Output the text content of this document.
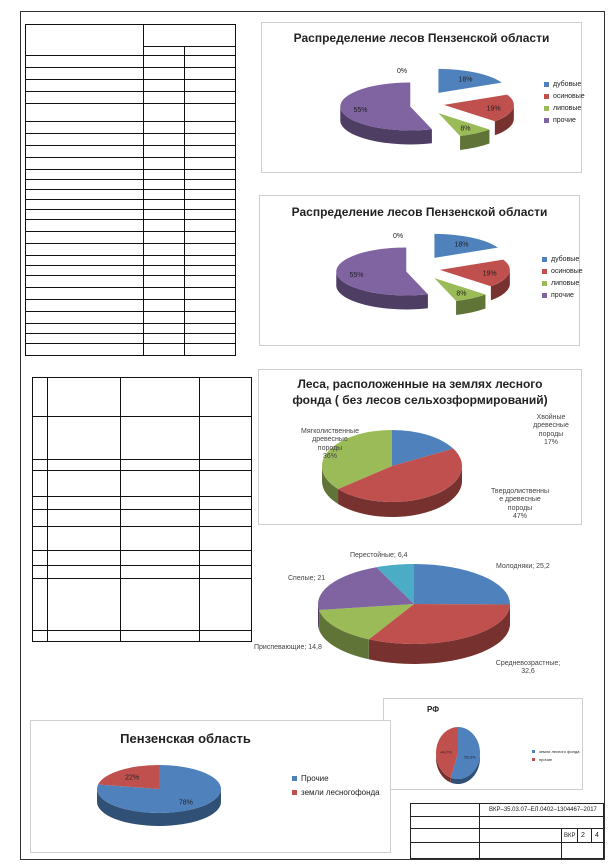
Распределение лесов Пензенской области
18%
19%
8%
55%
0%
дубовые
осиновые
липовые
прочие
Распределение лесов Пензенской области
18%
19%
8%
55%
0%
дубовые
осиновые
липовые
прочие
Леса, расположенные на землях лесного
фонда ( без лесов сельхозформирований)
Хвойные
древесные
породы
17%
Твердолиственны
е древесные
породы
47%
Мягколиственные
древесные
породы
36%
Молодняки; 25,2
Средневозрастные;
32,6
Приспевающие; 14,8
Спелые; 21
Перестойные; 6,4
РФ
55,3%
44,7%	земли лесного фонда
прочие
Пензенская область
78%
22%	Прочие
земли лесногофонда
ВКР–35.03.07–ЕЛ.0402–1304467–2017
ВКР 2 4
